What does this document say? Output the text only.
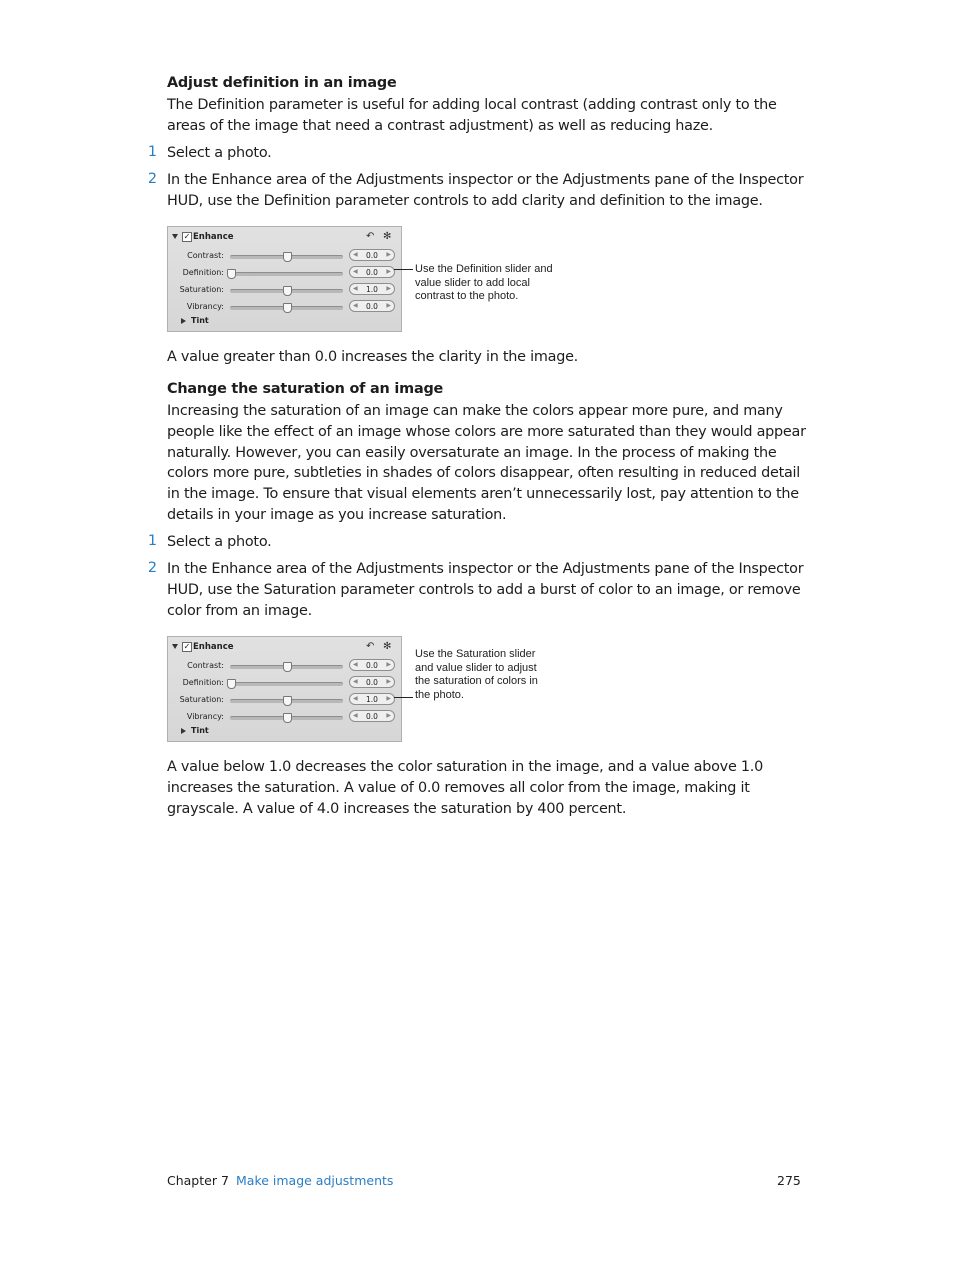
Adjust definition in an image
The Definition parameter is useful for adding local contrast (adding contrast only to the areas of the image that need a contrast adjustment) as well as reducing haze.
1 Select a photo.
2 In the Enhance area of the Adjustments inspector or the Adjustments pane of the Inspector HUD, use the Definition parameter controls to add clarity and definition to the image.
✓ Enhance	↶ ✻
Contrast:	◀	0.0	▶
Definition:	◀	0.0	▶
Saturation:	◀	1.0	▶
Vibrancy:	◀	0.0	▶
Tint
Use the Definition slider and value slider to add local contrast to the photo.
A value greater than 0.0 increases the clarity in the image.
Change the saturation of an image
Increasing the saturation of an image can make the colors appear more pure, and many people like the effect of an image whose colors are more saturated than they would appear naturally. However, you can easily oversaturate an image. In the process of making the colors more pure, subtleties in shades of colors disappear, often resulting in reduced detail in the image. To ensure that visual elements aren’t unnecessarily lost, pay attention to the details in your image as you increase saturation.
1 Select a photo.
2 In the Enhance area of the Adjustments inspector or the Adjustments pane of the Inspector HUD, use the Saturation parameter controls to add a burst of color to an image, or remove color from an image.
✓ Enhance	↶ ✻
Contrast:	◀	0.0	▶
Definition:	◀	0.0	▶
Saturation:	◀	1.0	▶
Vibrancy:	◀	0.0	▶
Tint
Use the Saturation slider and value slider to adjust the saturation of colors in the photo.
A value below 1.0 decreases the color saturation in the image, and a value above 1.0 increases the saturation. A value of 0.0 removes all color from the image, making it grayscale. A value of 4.0 increases the saturation by 400 percent.
Chapter 7 Make image adjustments	275
